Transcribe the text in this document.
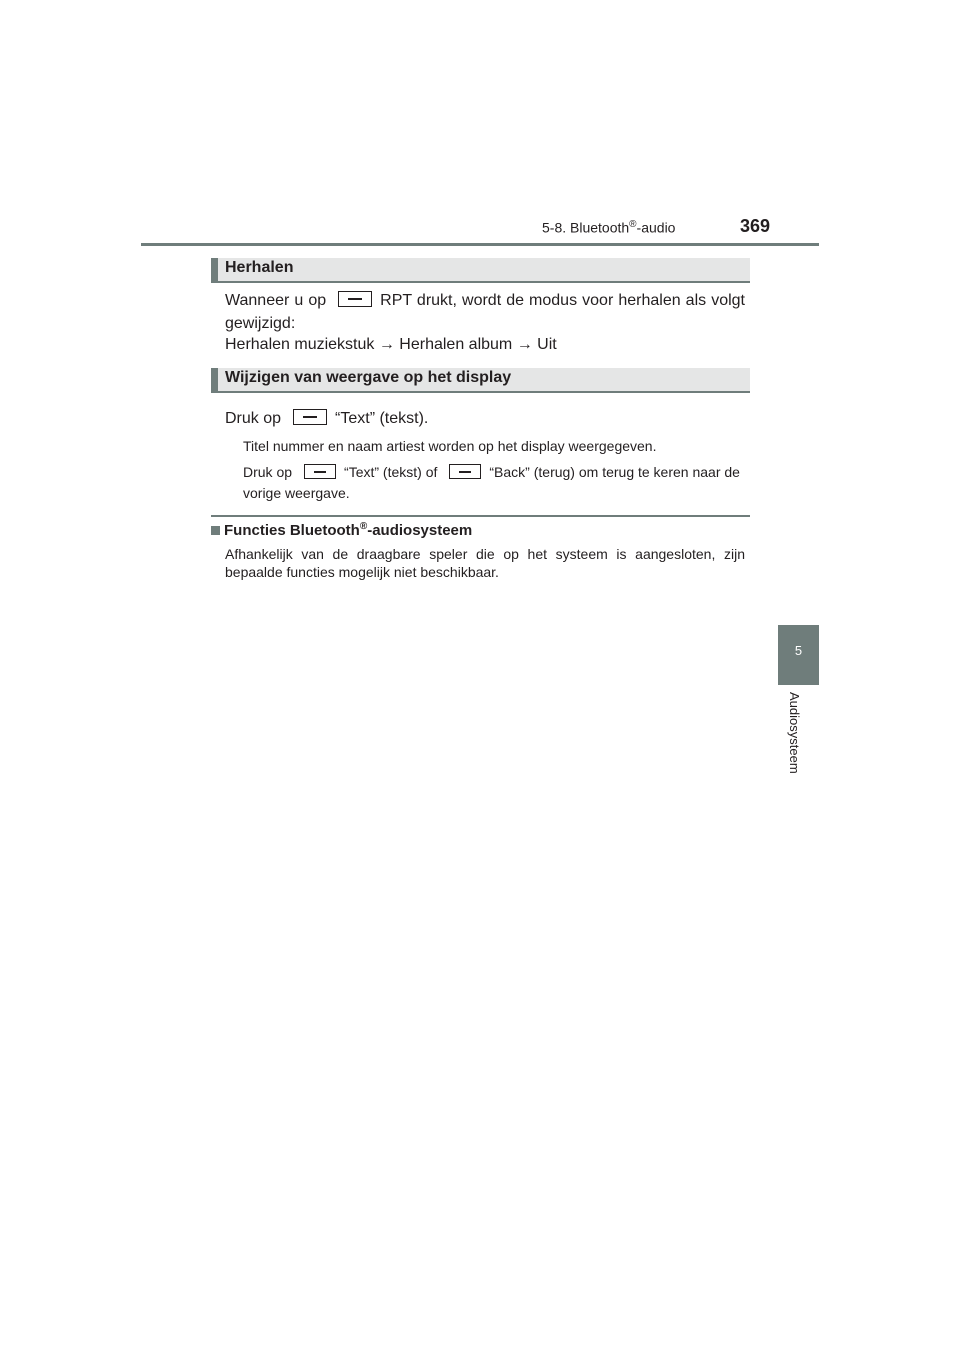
5-8. Bluetooth®-audio	369
5
Audiosysteem
Herhalen
Wanneer u op	RPT drukt, wordt de modus voor herhalen als volgt gewijzigd:
Herhalen muziekstuk → Herhalen album → Uit
Wijzigen van weergave op het display
Druk op	“Text” (tekst).
Titel nummer en naam artiest worden op het display weergegeven.
Druk op	“Text” (tekst) of	“Back” (terug) om terug te keren naar de vorige weergave.
Functies Bluetooth®-audiosysteem
Afhankelijk van de draagbare speler die op het systeem is aangesloten, zijn bepaalde functies mogelijk niet beschikbaar.
